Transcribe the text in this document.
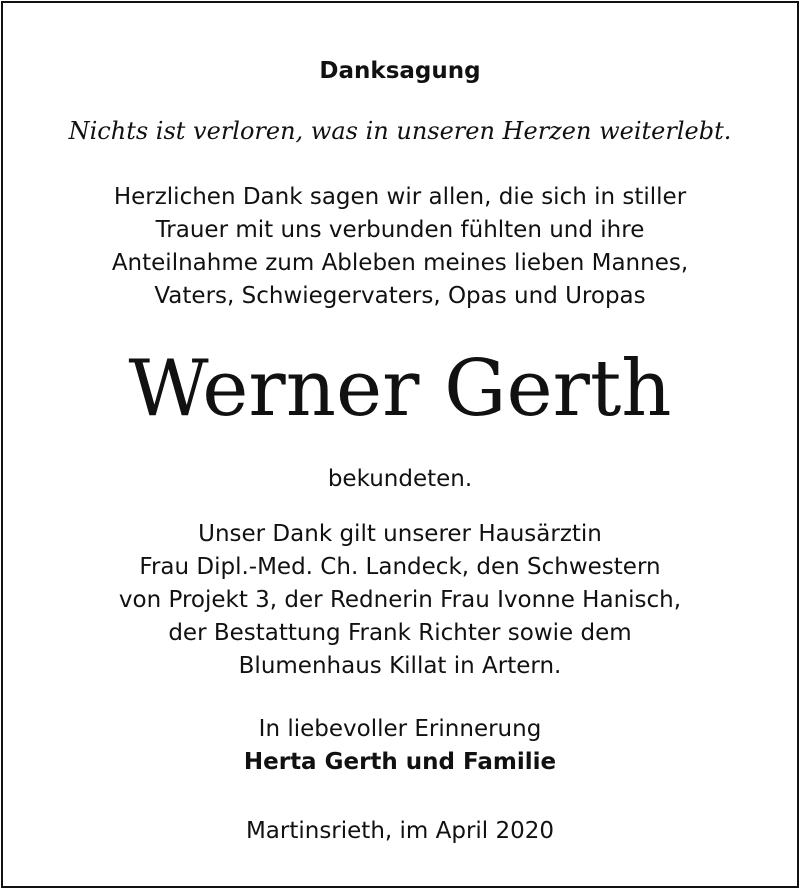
Danksagung

Nichts ist verloren, was in unseren Herzen weiterlebt.

Herzlichen Dank sagen wir allen, die sich in stiller
Trauer mit uns verbunden fühlten und ihre
Anteilnahme zum Ableben meines lieben Mannes,
Vaters, Schwiegervaters, Opas und Uropas

Werner Gerth

bekundeten.

Unser Dank gilt unserer Hausärztin
Frau Dipl.-Med. Ch. Landeck, den Schwestern
von Projekt 3, der Rednerin Frau Ivonne Hanisch,
der Bestattung Frank Richter sowie dem
Blumenhaus Killat in Artern.

In liebevoller Erinnerung

Herta Gerth und Familie

Martinsrieth, im April 2020
